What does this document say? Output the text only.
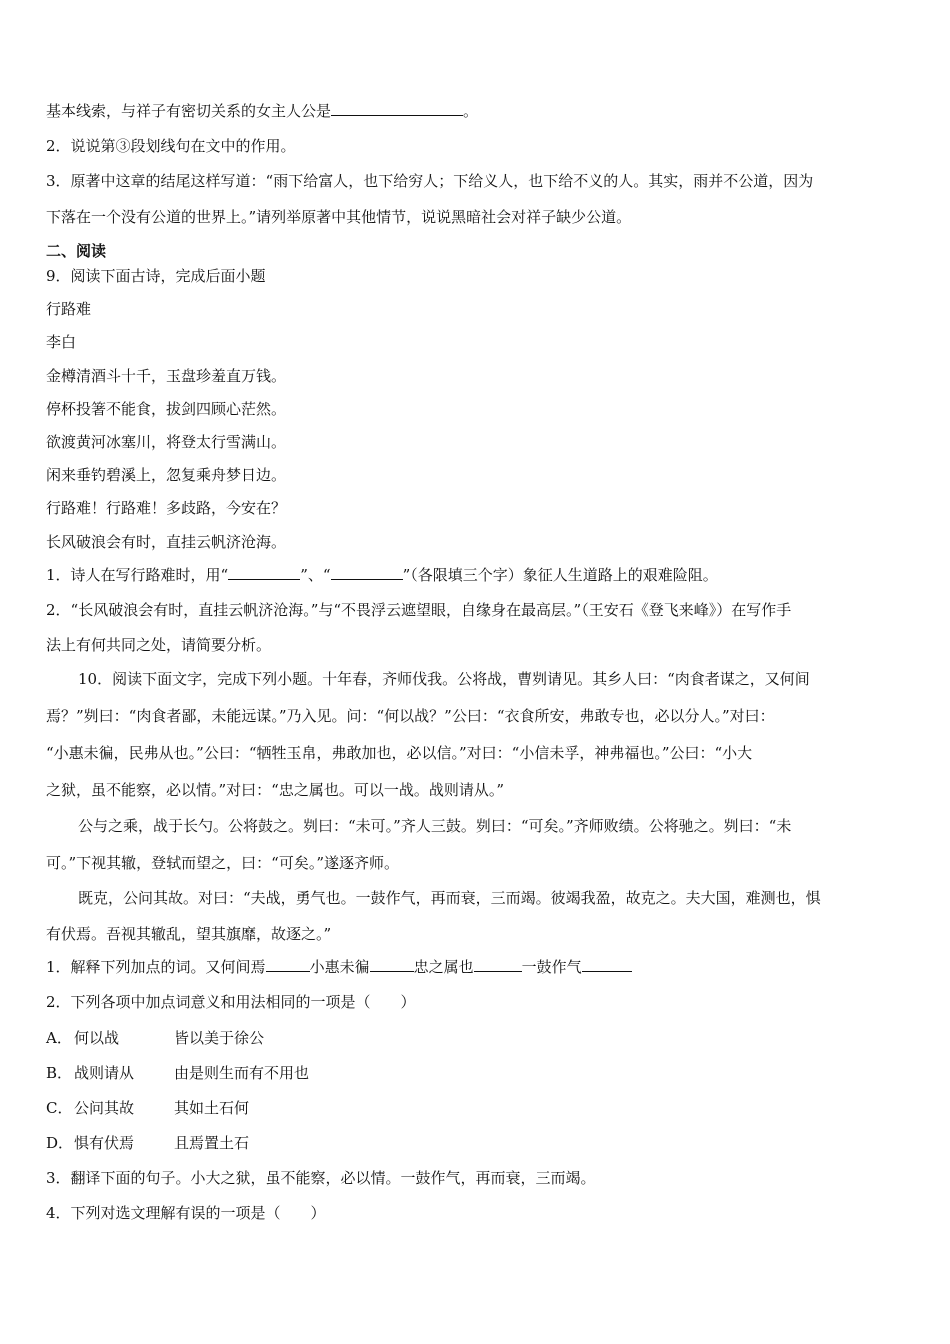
基本线索，与祥子有密切关系的女主人公是	。
2．说说第③段划线句在文中的作用。
3．原著中这章的结尾这样写道：“雨下给富人，也下给穷人；下给义人，也下给不义的人。其实，雨并不公道，因为
下落在一个没有公道的世界上。”请列举原著中其他情节，说说黑暗社会对祥子缺少公道。
二、阅读
9．阅读下面古诗，完成后面小题
行路难
李白
金樽清酒斗十千，玉盘珍羞直万钱。
停杯投箸不能食，拔剑四顾心茫然。
欲渡黄河冰塞川，将登太行雪满山。
闲来垂钓碧溪上，忽复乘舟梦日边。
行路难！行路难！多歧路，今安在？
长风破浪会有时，直挂云帆济沧海。
1．诗人在写行路难时，用“	”、“	”（各限填三个字）象征人生道路上的艰难险阻。
2．“长风破浪会有时，直挂云帆济沧海。”与“不畏浮云遮望眼，自缘身在最高层。”（王安石《登飞来峰》）在写作手
法上有何共同之处，请简要分析。
10．阅读下面文字，完成下列小题。十年春，齐师伐我。公将战，曹刿请见。其乡人曰：“肉食者谋之，又何间
焉？”刿曰：“肉食者鄙，未能远谋。”乃入见。问：“何以战？”公曰：“衣食所安，弗敢专也，必以分人。”对曰：
“小惠未徧，民弗从也。”公曰：“牺牲玉帛，弗敢加也，必以信。”对曰：“小信未孚，神弗福也。”公曰：“小大
之狱，虽不能察，必以情。”对曰：“忠之属也。可以一战。战则请从。”
公与之乘，战于长勺。公将鼓之。刿曰：“未可。”齐人三鼓。刿曰：“可矣。”齐师败绩。公将驰之。刿曰：“未
可。”下视其辙，登轼而望之，曰：“可矣。”遂逐齐师。
既克，公问其故。对曰：“夫战，勇气也。一鼓作气，再而衰，三而竭。彼竭我盈，故克之。夫大国，难测也，惧
有伏焉。吾视其辙乱，望其旗靡，故逐之。”
1．解释下列加点的词。又何间焉	小惠未徧	忠之属也	一鼓作气
2．下列各项中加点词意义和用法相同的一项是（　　）
A． 何以战	皆以美于徐公
B． 战则请从	由是则生而有不用也
C． 公问其故	其如土石何
D．惧有伏焉	且焉置土石
3．翻译下面的句子。小大之狱，虽不能察，必以情。一鼓作气，再而衰，三而竭。
4．下列对选文理解有误的一项是（　　）
